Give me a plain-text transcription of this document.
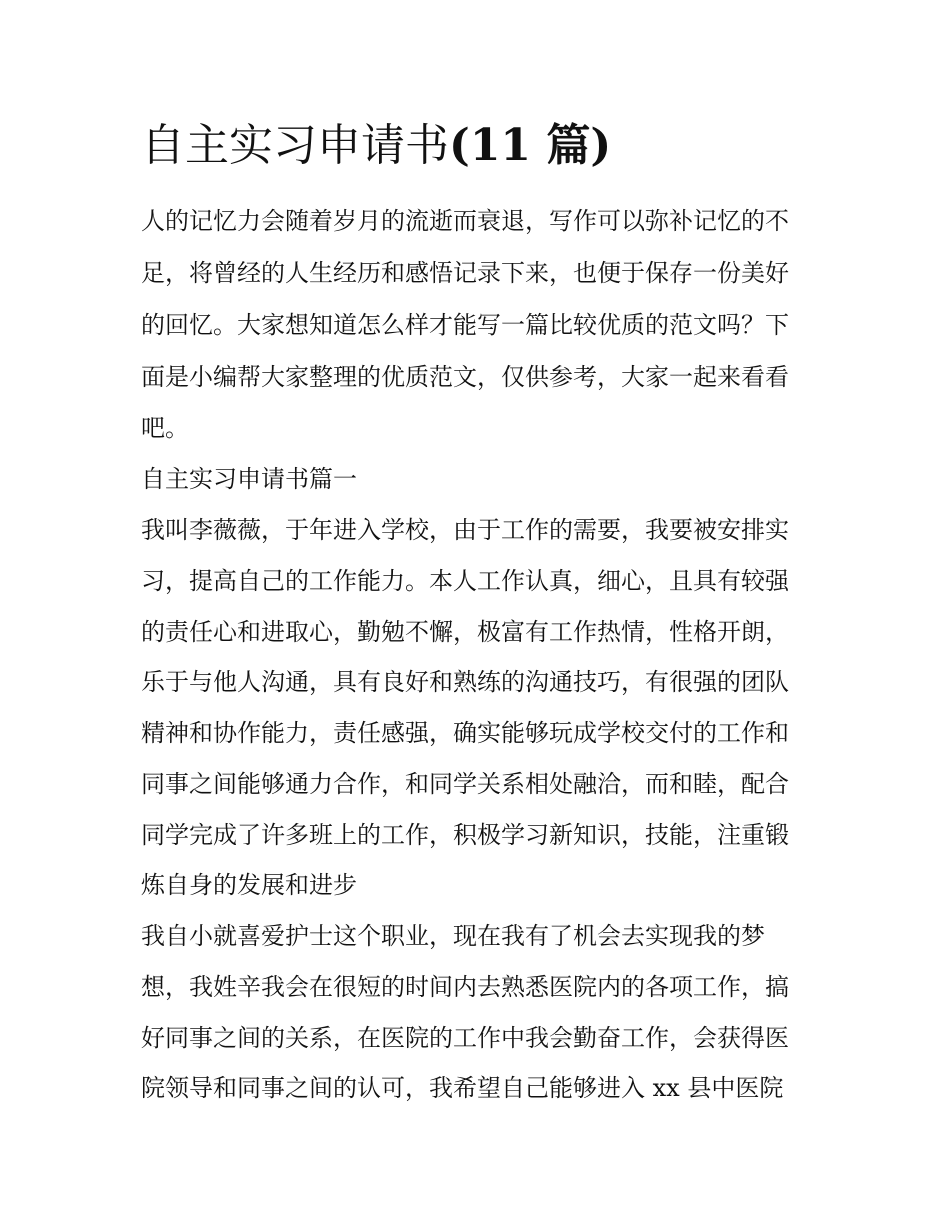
自主实习申请书(11 篇)

人的记忆力会随着岁月的流逝而衰退，写作可以弥补记忆的不

足，将曾经的人生经历和感悟记录下来，也便于保存一份美好

的回忆。大家想知道怎么样才能写一篇比较优质的范文吗？下

面是小编帮大家整理的优质范文，仅供参考，大家一起来看看

吧。

自主实习申请书篇一

我叫李薇薇，于年进入学校，由于工作的需要，我要被安排实

习，提高自己的工作能力。本人工作认真，细心，且具有较强

的责任心和进取心，勤勉不懈，极富有工作热情，性格开朗，

乐于与他人沟通，具有良好和熟练的沟通技巧，有很强的团队

精神和协作能力，责任感强，确实能够玩成学校交付的工作和

同事之间能够通力合作，和同学关系相处融洽，而和睦，配合

同学完成了许多班上的工作，积极学习新知识，技能，注重锻

炼自身的发展和进步

我自小就喜爱护士这个职业，现在我有了机会去实现我的梦

想，我姓辛我会在很短的时间内去熟悉医院内的各项工作，搞

好同事之间的关系，在医院的工作中我会勤奋工作，会获得医

院领导和同事之间的认可，我希望自己能够进入 xx 县中医院
